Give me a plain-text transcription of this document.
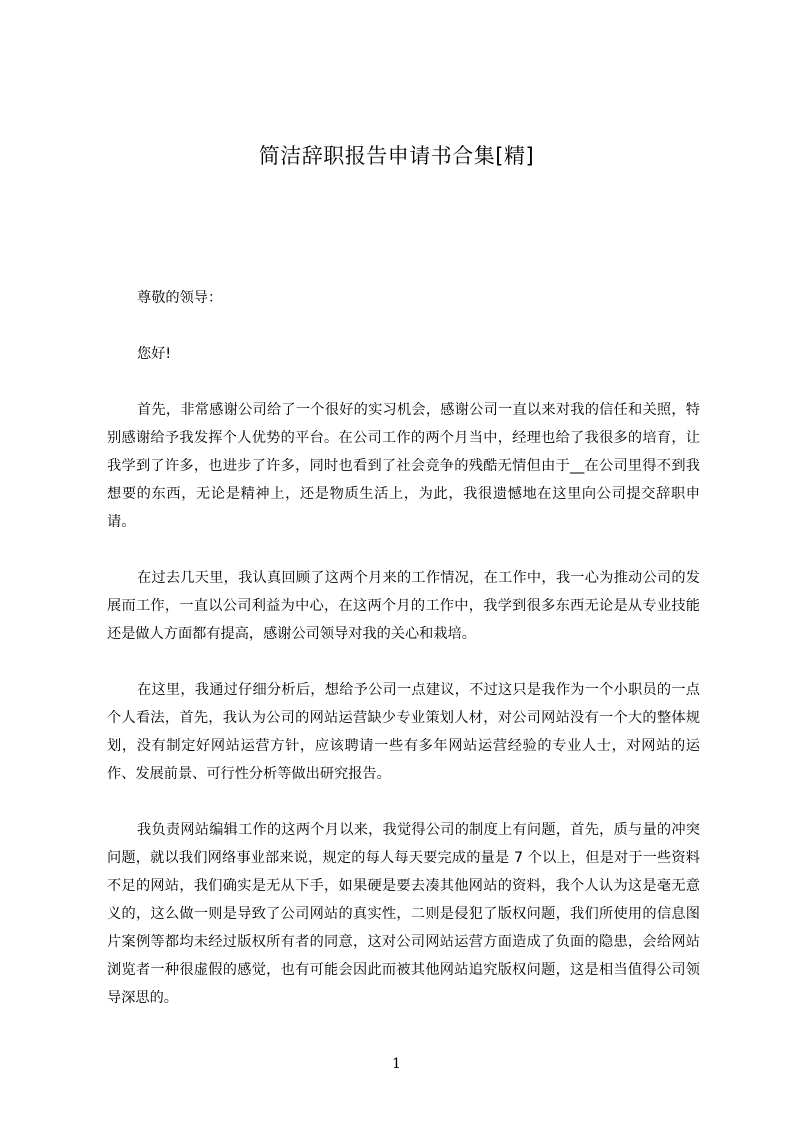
简洁辞职报告申请书合集[精]

尊敬的领导：

您好!

首先，非常感谢公司给了一个很好的实习机会，感谢公司一直以来对我的信任和关照，特别感谢给予我发挥个人优势的平台。在公司工作的两个月当中，经理也给了我很多的培育，让我学到了许多，也进步了许多，同时也看到了社会竞争的残酷无情但由于__在公司里得不到我想要的东西，无论是精神上，还是物质生活上，为此，我很遗憾地在这里向公司提交辞职申请。

在过去几天里，我认真回顾了这两个月来的工作情况，在工作中，我一心为推动公司的发展而工作，一直以公司利益为中心，在这两个月的工作中，我学到很多东西无论是从专业技能还是做人方面都有提高，感谢公司领导对我的关心和栽培。

在这里，我通过仔细分析后，想给予公司一点建议，不过这只是我作为一个小职员的一点个人看法，首先，我认为公司的网站运营缺少专业策划人材，对公司网站没有一个大的整体规划，没有制定好网站运营方针，应该聘请一些有多年网站运营经验的专业人士，对网站的运作、发展前景、可行性分析等做出研究报告。

我负责网站编辑工作的这两个月以来，我觉得公司的制度上有问题，首先，质与量的冲突问题，就以我们网络事业部来说，规定的每人每天要完成的量是 7 个以上，但是对于一些资料不足的网站，我们确实是无从下手，如果硬是要去凑其他网站的资料，我个人认为这是毫无意义的，这么做一则是导致了公司网站的真实性，二则是侵犯了版权问题，我们所使用的信息图片案例等都均未经过版权所有者的同意，这对公司网站运营方面造成了负面的隐患，会给网站浏览者一种很虚假的感觉，也有可能会因此而被其他网站追究版权问题，这是相当值得公司领导深思的。

1
